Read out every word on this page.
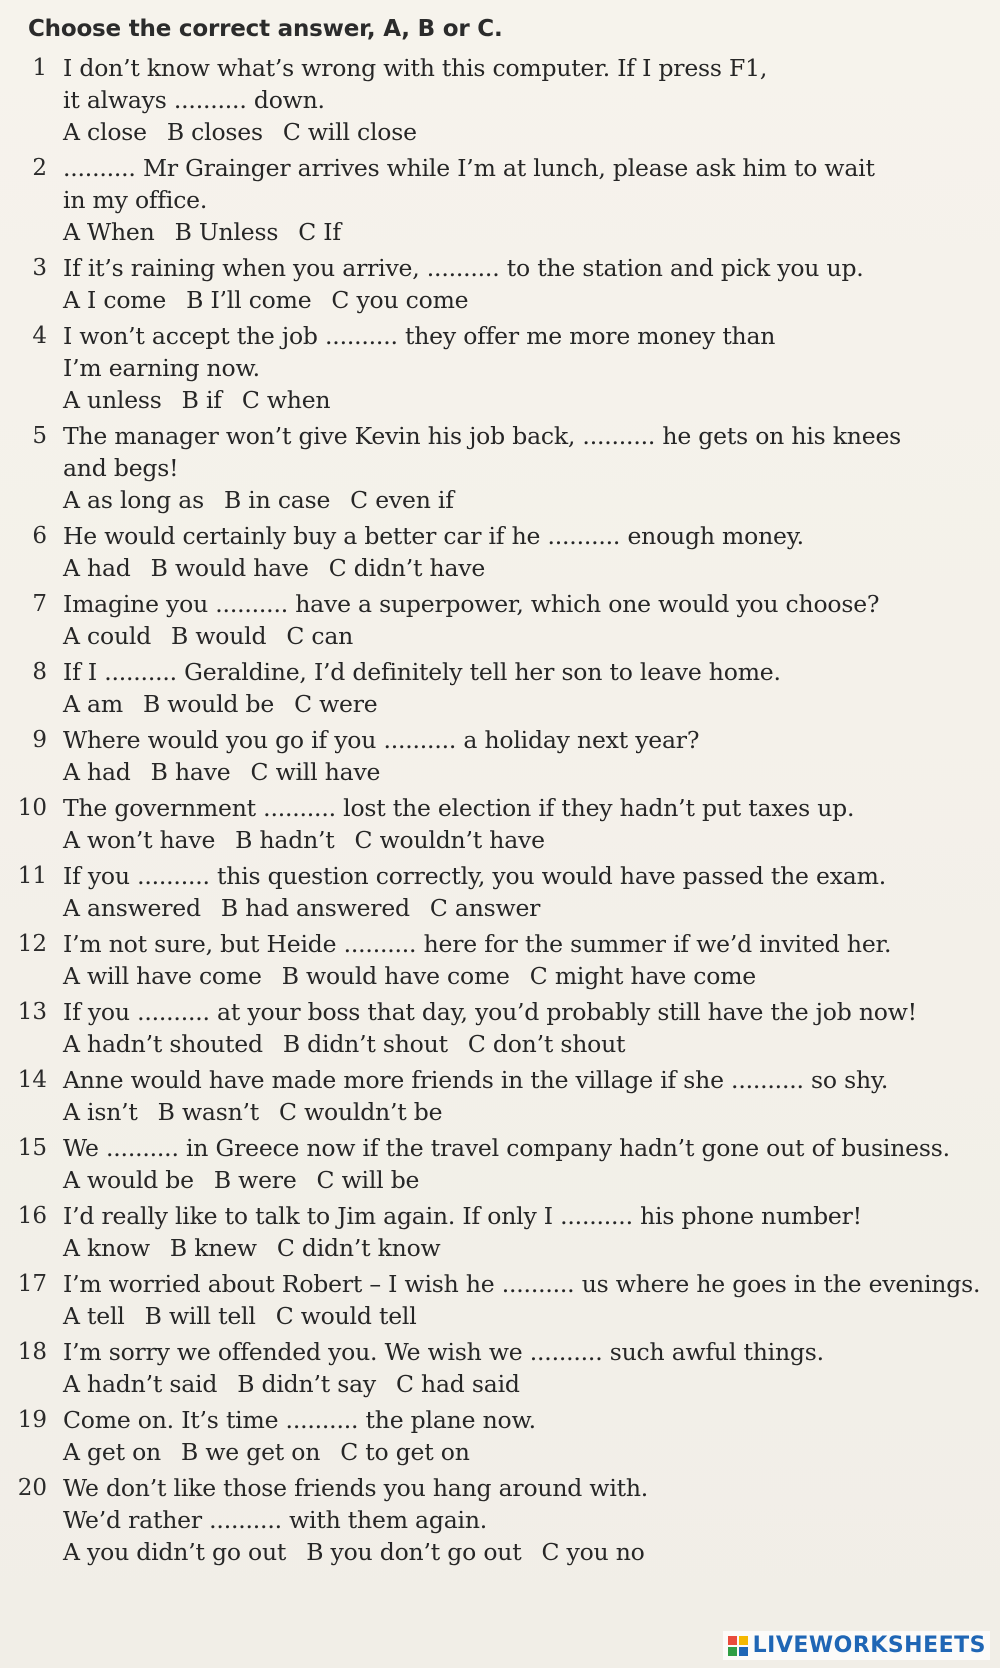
Choose the correct answer, A, B or C.
1 I don’t know what’s wrong with this computer. If I press F1,
it always .......... down.
A close B closes C will close
2 .......... Mr Grainger arrives while I’m at lunch, please ask him to wait
in my office.
A When B Unless C If
3 If it’s raining when you arrive, .......... to the station and pick you up.
A I come B I’ll come C you come
4 I won’t accept the job .......... they offer me more money than
I’m earning now.
A unless B if C when
5 The manager won’t give Kevin his job back, .......... he gets on his knees
and begs!
A as long as B in case C even if
6 He would certainly buy a better car if he .......... enough money.
A had B would have C didn’t have
7 Imagine you .......... have a superpower, which one would you choose?
A could B would C can
8 If I .......... Geraldine, I’d definitely tell her son to leave home.
A am B would be C were
9 Where would you go if you .......... a holiday next year?
A had B have C will have
10 The government .......... lost the election if they hadn’t put taxes up.
A won’t have B hadn’t C wouldn’t have
11 If you .......... this question correctly, you would have passed the exam.
A answered B had answered C answer
12 I’m not sure, but Heide .......... here for the summer if we’d invited her.
A will have come B would have come C might have come
13 If you .......... at your boss that day, you’d probably still have the job now!
A hadn’t shouted B didn’t shout C don’t shout
14 Anne would have made more friends in the village if she .......... so shy.
A isn’t B wasn’t C wouldn’t be
15 We .......... in Greece now if the travel company hadn’t gone out of business.
A would be B were C will be
16 I’d really like to talk to Jim again. If only I .......... his phone number!
A know B knew C didn’t know
17 I’m worried about Robert – I wish he .......... us where he goes in the evenings.
A tell B will tell C would tell
18 I’m sorry we offended you. We wish we .......... such awful things.
A hadn’t said B didn’t say C had said
19 Come on. It’s time .......... the plane now.
A get on B we get on C to get on
20 We don’t like those friends you hang around with.
We’d rather .......... with them again.
A you didn’t go out B you don’t go out C you no
LIVEWORKSHEETS
